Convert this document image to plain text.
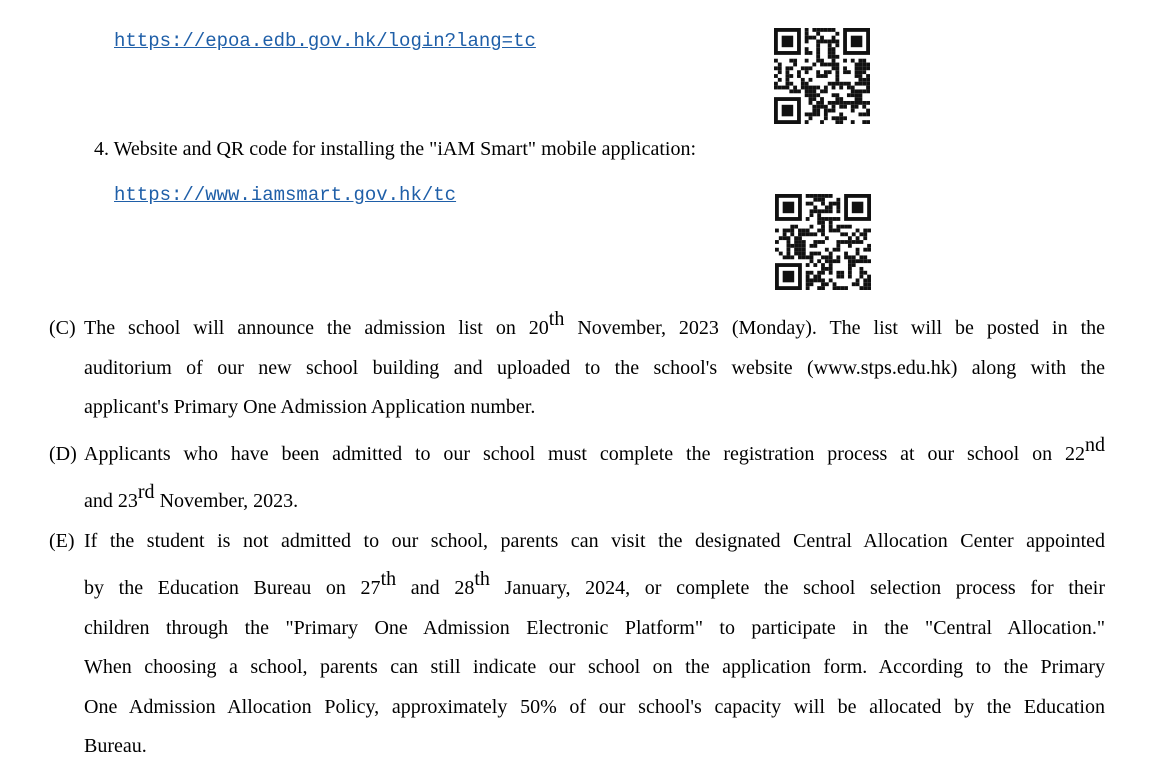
https://epoa.edb.gov.hk/login?lang=tc
4. Website and QR code for installing the "iAM Smart" mobile application:
https://www.iamsmart.gov.hk/tc
(C) The school will announce the admission list on 20th November, 2023 (Monday). The list will be posted in the
auditorium of our new school building and uploaded to the school's website (www.stps.edu.hk) along with the
applicant's Primary One Admission Application number.
(D) Applicants who have been admitted to our school must complete the registration process at our school on 22nd
and 23rd November, 2023.
(E) If the student is not admitted to our school, parents can visit the designated Central Allocation Center appointed
by the Education Bureau on 27th and 28th January, 2024, or complete the school selection process for their
children through the "Primary One Admission Electronic Platform" to participate in the "Central Allocation."
When choosing a school, parents can still indicate our school on the application form. According to the Primary
One Admission Allocation Policy, approximately 50% of our school's capacity will be allocated by the Education
Bureau.
